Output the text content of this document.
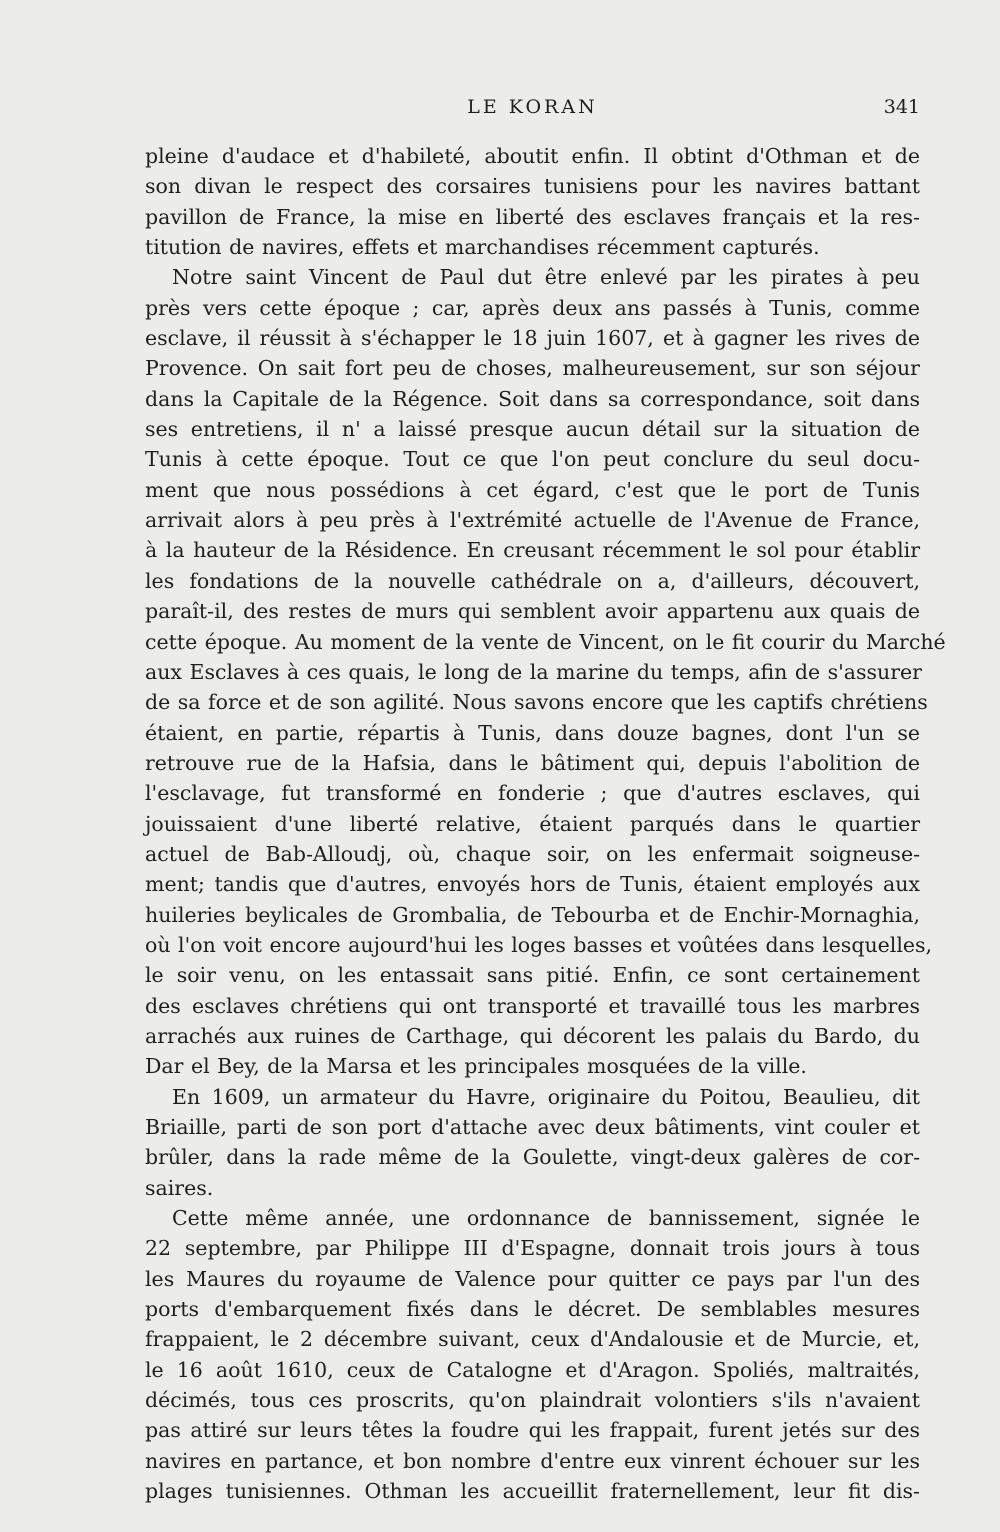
LE KORAN	341
pleine d'audace et d'habileté, aboutit enfin. Il obtint d'Othman et de
son divan le respect des corsaires tunisiens pour les navires battant
pavillon de France, la mise en liberté des esclaves français et la res-
titution de navires, effets et marchandises récemment capturés.
Notre saint Vincent de Paul dut être enlevé par les pirates à peu
près vers cette époque ; car, après deux ans passés à Tunis, comme
esclave, il réussit à s'échapper le 18 juin 1607, et à gagner les rives de
Provence. On sait fort peu de choses, malheureusement, sur son séjour
dans la Capitale de la Régence. Soit dans sa correspondance, soit dans
ses entretiens, il n' a laissé presque aucun détail sur la situation de
Tunis à cette époque. Tout ce que l'on peut conclure du seul docu-
ment que nous possédions à cet égard, c'est que le port de Tunis
arrivait alors à peu près à l'extrémité actuelle de l'Avenue de France,
à la hauteur de la Résidence. En creusant récemment le sol pour établir
les fondations de la nouvelle cathédrale on a, d'ailleurs, découvert,
paraît-il, des restes de murs qui semblent avoir appartenu aux quais de
cette époque. Au moment de la vente de Vincent, on le fit courir du Marché
aux Esclaves à ces quais, le long de la marine du temps, afin de s'assurer
de sa force et de son agilité. Nous savons encore que les captifs chrétiens
étaient, en partie, répartis à Tunis, dans douze bagnes, dont l'un se
retrouve rue de la Hafsia, dans le bâtiment qui, depuis l'abolition de
l'esclavage, fut transformé en fonderie ; que d'autres esclaves, qui
jouissaient d'une liberté relative, étaient parqués dans le quartier
actuel de Bab-Alloudj, où, chaque soir, on les enfermait soigneuse-
ment; tandis que d'autres, envoyés hors de Tunis, étaient employés aux
huileries beylicales de Grombalia, de Tebourba et de Enchir-Mornaghia,
où l'on voit encore aujourd'hui les loges basses et voûtées dans lesquelles,
le soir venu, on les entassait sans pitié. Enfin, ce sont certainement
des esclaves chrétiens qui ont transporté et travaillé tous les marbres
arrachés aux ruines de Carthage, qui décorent les palais du Bardo, du
Dar el Bey, de la Marsa et les principales mosquées de la ville.
En 1609, un armateur du Havre, originaire du Poitou, Beaulieu, dit
Briaille, parti de son port d'attache avec deux bâtiments, vint couler et
brûler, dans la rade même de la Goulette, vingt-deux galères de cor-
saires.
Cette même année, une ordonnance de bannissement, signée le
22 septembre, par Philippe III d'Espagne, donnait trois jours à tous
les Maures du royaume de Valence pour quitter ce pays par l'un des
ports d'embarquement fixés dans le décret. De semblables mesures
frappaient, le 2 décembre suivant, ceux d'Andalousie et de Murcie, et,
le 16 août 1610, ceux de Catalogne et d'Aragon. Spoliés, maltraités,
décimés, tous ces proscrits, qu'on plaindrait volontiers s'ils n'avaient
pas attiré sur leurs têtes la foudre qui les frappait, furent jetés sur des
navires en partance, et bon nombre d'entre eux vinrent échouer sur les
plages tunisiennes. Othman les accueillit fraternellement, leur fit dis-
